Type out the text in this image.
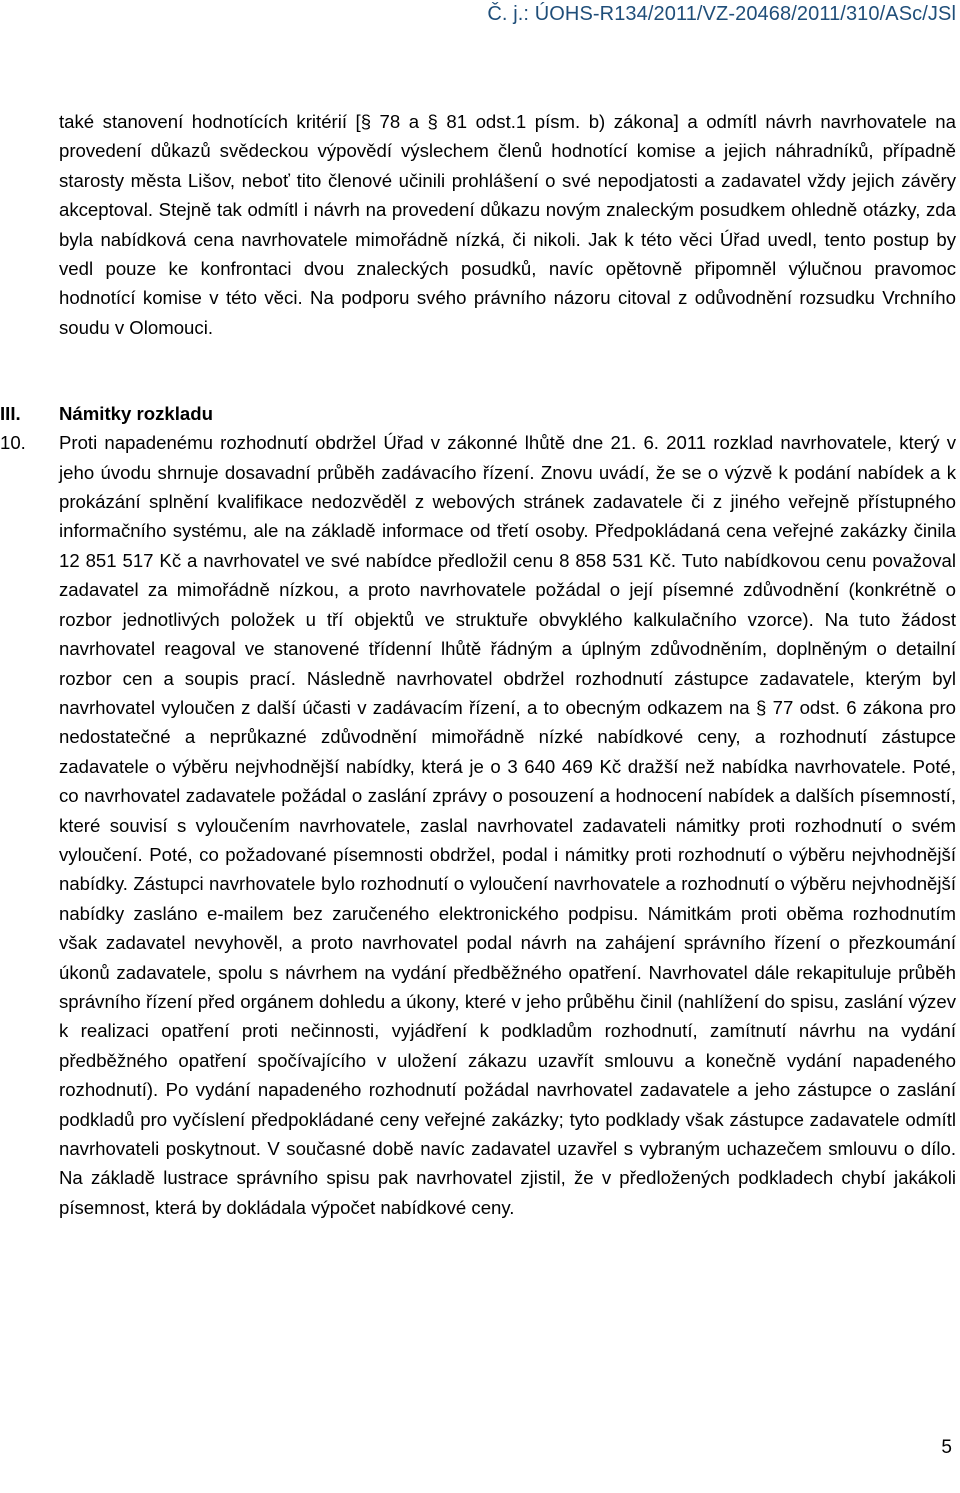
Č. j.: ÚOHS-R134/2011/VZ-20468/2011/310/ASc/JSl

také stanovení hodnotících kritérií [§ 78 a § 81 odst.1 písm. b) zákona] a odmítl návrh navrhovatele na provedení důkazů svědeckou výpovědí výslechem členů hodnotící komise a jejich náhradníků, případně starosty města Lišov, neboť tito členové učinili prohlášení o své nepodjatosti a zadavatel vždy jejich závěry akceptoval. Stejně tak odmítl i návrh na provedení důkazu novým znaleckým posudkem ohledně otázky, zda byla nabídková cena navrhovatele mimořádně nízká, či nikoli. Jak k této věci Úřad uvedl, tento postup by vedl pouze ke konfrontaci dvou znaleckých posudků, navíc opětovně připomněl výlučnou pravomoc hodnotící komise v této věci. Na podporu svého právního názoru citoval z odůvodnění rozsudku Vrchního soudu v Olomouci.

III. Námitky rozkladu
10. Proti napadenému rozhodnutí obdržel Úřad v zákonné lhůtě dne 21. 6. 2011 rozklad navrhovatele, který v jeho úvodu shrnuje dosavadní průběh zadávacího řízení. Znovu uvádí, že se o výzvě k podání nabídek a k prokázání splnění kvalifikace nedozvěděl z webových stránek zadavatele či z jiného veřejně přístupného informačního systému, ale na základě informace od třetí osoby. Předpokládaná cena veřejné zakázky činila 12 851 517 Kč a navrhovatel ve své nabídce předložil cenu 8 858 531 Kč. Tuto nabídkovou cenu považoval zadavatel za mimořádně nízkou, a proto navrhovatele požádal o její písemné zdůvodnění (konkrétně o rozbor jednotlivých položek u tří objektů ve struktuře obvyklého kalkulačního vzorce). Na tuto žádost navrhovatel reagoval ve stanovené třídenní lhůtě řádným a úplným zdůvodněním, doplněným o detailní rozbor cen a soupis prací. Následně navrhovatel obdržel rozhodnutí zástupce zadavatele, kterým byl navrhovatel vyloučen z další účasti v zadávacím řízení, a to obecným odkazem na § 77 odst. 6 zákona pro nedostatečné a neprůkazné zdůvodnění mimořádně nízké nabídkové ceny, a rozhodnutí zástupce zadavatele o výběru nejvhodnější nabídky, která je o 3 640 469 Kč dražší než nabídka navrhovatele. Poté, co navrhovatel zadavatele požádal o zaslání zprávy o posouzení a hodnocení nabídek a dalších písemností, které souvisí s vyloučením navrhovatele, zaslal navrhovatel zadavateli námitky proti rozhodnutí o svém vyloučení. Poté, co požadované písemnosti obdržel, podal i námitky proti rozhodnutí o výběru nejvhodnější nabídky. Zástupci navrhovatele bylo rozhodnutí o vyloučení navrhovatele a rozhodnutí o výběru nejvhodnější nabídky zasláno e-mailem bez zaručeného elektronického podpisu. Námitkám proti oběma rozhodnutím však zadavatel nevyhověl, a proto navrhovatel podal návrh na zahájení správního řízení o přezkoumání úkonů zadavatele, spolu s návrhem na vydání předběžného opatření. Navrhovatel dále rekapituluje průběh správního řízení před orgánem dohledu a úkony, které v jeho průběhu činil (nahlížení do spisu, zaslání výzev k realizaci opatření proti nečinnosti, vyjádření k podkladům rozhodnutí, zamítnutí návrhu na vydání předběžného opatření spočívajícího v uložení zákazu uzavřít smlouvu a konečně vydání napadeného rozhodnutí). Po vydání napadeného rozhodnutí požádal navrhovatel zadavatele a jeho zástupce o zaslání podkladů pro vyčíslení předpokládané ceny veřejné zakázky; tyto podklady však zástupce zadavatele odmítl navrhovateli poskytnout. V současné době navíc zadavatel uzavřel s vybraným uchazečem smlouvu o dílo. Na základě lustrace správního spisu pak navrhovatel zjistil, že v předložených podkladech chybí jakákoli písemnost, která by dokládala výpočet nabídkové ceny.

5
